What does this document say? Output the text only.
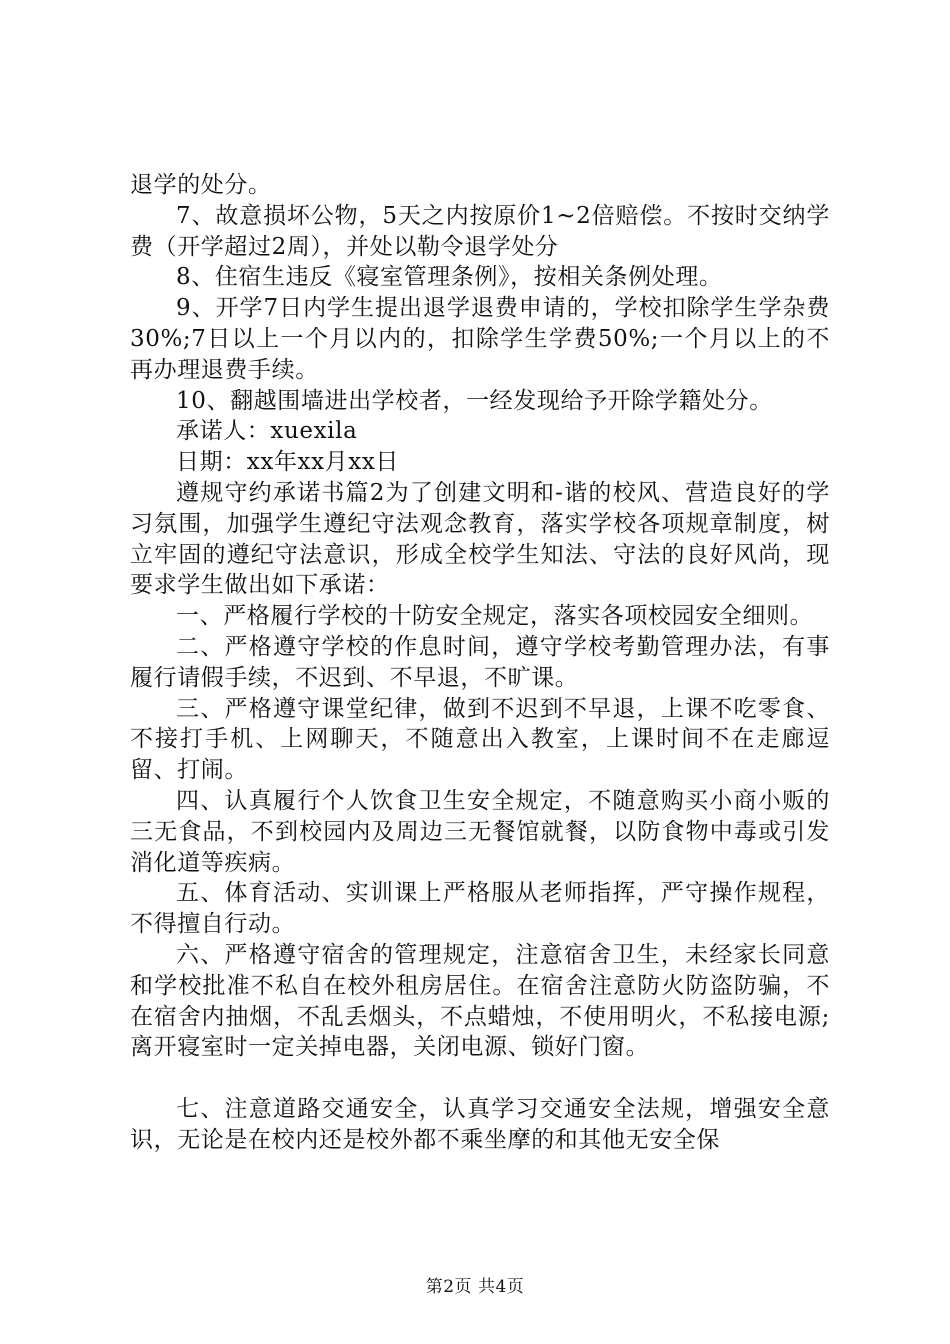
退学的处分。

7、故意损坏公物，5天之内按原价1~2倍赔偿。不按时交纳学费（开学超过2周），并处以勒令退学处分

8、住宿生违反《寝室管理条例》，按相关条例处理。

9、开学7日内学生提出退学退费申请的，学校扣除学生学杂费30%;7日以上一个月以内的，扣除学生学费50%;一个月以上的不再办理退费手续。

10、翻越围墙进出学校者，一经发现给予开除学籍处分。

承诺人：xuexila

日期：xx年xx月xx日

遵规守约承诺书篇2为了创建文明和-谐的校风、营造良好的学习氛围，加强学生遵纪守法观念教育，落实学校各项规章制度，树立牢固的遵纪守法意识，形成全校学生知法、守法的良好风尚，现要求学生做出如下承诺：

一、严格履行学校的十防安全规定，落实各项校园安全细则。

二、严格遵守学校的作息时间，遵守学校考勤管理办法，有事履行请假手续，不迟到、不早退，不旷课。

三、严格遵守课堂纪律，做到不迟到不早退，上课不吃零食、不接打手机、上网聊天，不随意出入教室，上课时间不在走廊逗留、打闹。

四、认真履行个人饮食卫生安全规定，不随意购买小商小贩的三无食品，不到校园内及周边三无餐馆就餐，以防食物中毒或引发消化道等疾病。

五、体育活动、实训课上严格服从老师指挥，严守操作规程，不得擅自行动。

六、严格遵守宿舍的管理规定，注意宿舍卫生，未经家长同意和学校批准不私自在校外租房居住。在宿舍注意防火防盗防骗，不在宿舍内抽烟，不乱丢烟头，不点蜡烛，不使用明火，不私接电源;离开寝室时一定关掉电器，关闭电源、锁好门窗。

七、注意道路交通安全，认真学习交通安全法规，增强安全意识，无论是在校内还是校外都不乘坐摩的和其他无安全保

第2页 共4页
